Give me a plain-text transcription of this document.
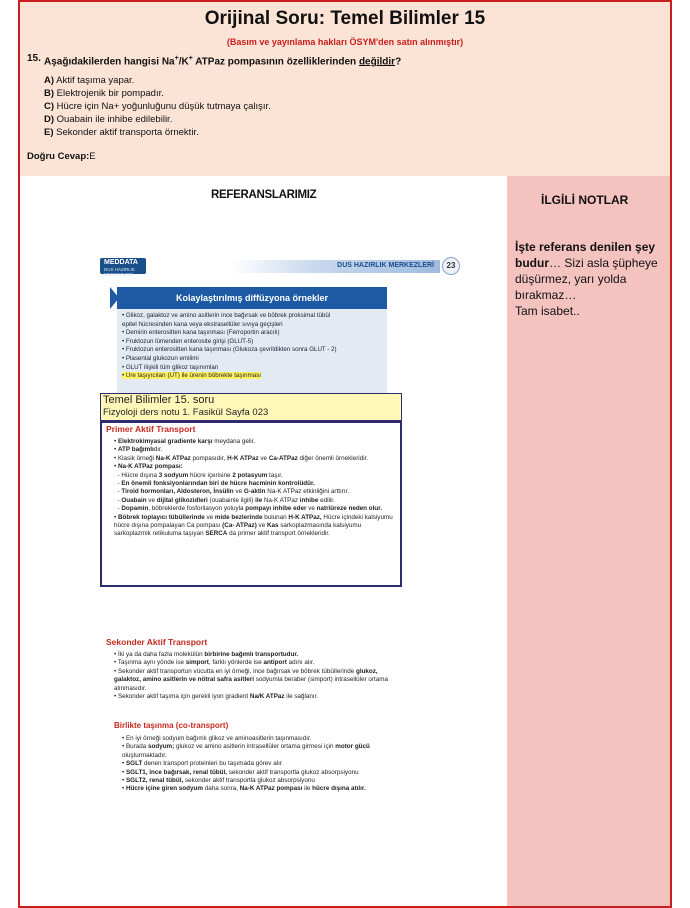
Orijinal Soru: Temel Bilimler 15
(Basım ve yayınlama hakları ÖSYM'den satın alınmıştır)
15. Aşağıdakilerden hangisi Na+/K+ ATPaz pompasının özelliklerinden değildir?
A) Aktif taşıma yapar.
B) Elektrojenik bir pompadır.
C) Hücre için Na+ yoğunluğunu düşük tutmaya çalışır.
D) Ouabain ile inhibe edilebilir.
E) Sekonder aktif transporta örnektir.
Doğru Cevap:E
REFERANSLARIMIZ	İLGİLİ NOTLAR
İşte referans denilen şey budur… Sizi asla şüpheye düşürmez, yarı yolda bırakmaz…
Tam isabet..
MEDDATA
DUS HAZIRLIK MERKEZLERİ
DUS HAZIRLIK MERKEZLERİ	23
Kolaylaştırılmış diffüzyona örnekler
• Glikoz, galaktoz ve amino asitlerin ince bağırsak ve böbrek proksimal tübül
epitel hücresinden kana veya ekstrasellüler sıvıya geçişleri
• Demirin enterositten kana taşınması (Ferroportin aracılı)
• Fruktozun lümenden enterosite girişi (GLUT-5)
• Fruktozun enterositten kana taşınması (Glukoza çevrildikten sonra GLUT - 2)
• Plasental glukozun emilimi
• GLUT ilişkili tüm glikoz taşınımları
• Üre taşıyıcıları (UT) ile ürenin böbrekte taşınması
Temel Bilimler 15. soru
Fizyoloji ders notu 1. Fasikül Sayfa 023
Primer Aktif Transport
• Elektrokimyasal gradiente karşı meydana gelir.
• ATP bağımlıdır.
• Klasik örneği Na-K ATPaz pompasıdır, H-K ATPaz ve Ca-ATPaz diğer önemli örnekleridir.
• Na-K ATPaz pompası:
- Hücre dışına 3 sodyum hücre içerisine 2 potasyum taşır.
- En önemli fonksiyonlarından biri de hücre hacminin kontrolüdür.
- Tiroid hormonları, Aldosteron, İnsülin ve G-aktin Na-K ATPaz etkinliğini arttırır.
- Ouabain ve dijital glikozidleri (ouabainle ilgili) ile Na-K ATPaz inhibe edilir.
- Dopamin, böbreklerde fosforilasyon yoluyla pompayı inhibe eder ve natriüreze neden olur.
• Böbrek toplayıcı tübüllerinde ve mide bezlerinde bulunan H-K ATPaz, Hücre içindeki kalsiyumu hücre dışına pompalayan Ca pompası (Ca- ATPaz) ve Kas sarkoplazmasında kalsiyumu sarkoplazmik retikuluma taşıyan SERCA da primer aktif transport örnekleridir.
Sekonder Aktif Transport
• İki ya da daha fazla molekülün birbirine bağımlı transportudur.
• Taşınma aynı yönde ise simport, farklı yönlerde ise antiport adını alır.
• Sekonder aktif transportun vücutta en iyi örneği, ince bağırsak ve böbrek tübüllerinde glukoz, galaktoz, amino asitlerin ve nötral safra asitleri sodyumla beraber (simport) intrasellüler ortama alınmasıdır.
• Sekonder aktif taşıma için gerekli iyon gradient Na/K ATPaz ile sağlanır.
Birlikte taşınma (co-transport)
• En iyi örneği sodyum bağımlı glikoz ve aminoasitlerin taşınmasıdır.
• Burada sodyum; glukoz ve amino asitlerin intrasellüler ortama girmesi için motor gücü oluşturmaktadır.
• SGLT denen transport proteinleri bu taşımada görev alır
• SGLT1, ince bağırsak, renal tübül, sekonder aktif transportla glukoz absorpsiyonu
• SGLT2, renal tübül, sekonder aktif transportla glukoz absorpsiyonu
• Hücre içine giren sodyum daha sonra, Na-K ATPaz pompası ile hücre dışına atılır.
